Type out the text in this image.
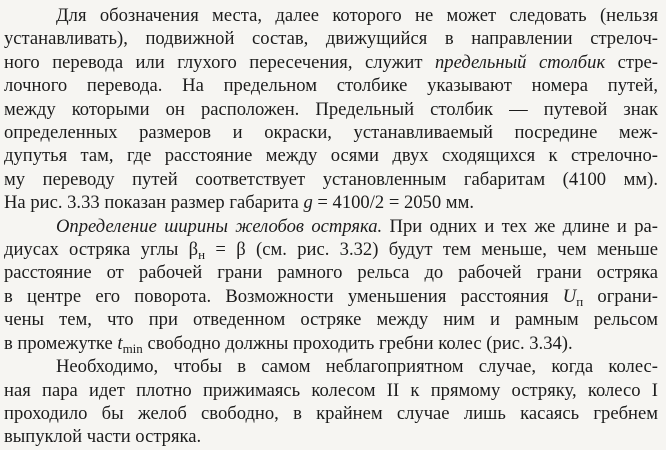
Для обозначения места, далее которого не может следовать (нельзя
устанавливать), подвижной состав, движущийся в направлении стрелоч-
ного перевода или глухого пересечения, служит предельный столбик стре-
лочного перевода. На предельном столбике указывают номера путей,
между которыми он расположен. Предельный столбик — путевой знак
определенных размеров и окраски, устанавливаемый посредине меж-
дупутья там, где расстояние между осями двух сходящихся к стрелочно-
му переводу путей соответствует установленным габаритам (4100 мм).
На рис. 3.33 показан размер габарита g = 4100/2 = 2050 мм.

Определение ширины желобов остряка. При одних и тех же длине и ра-
диусах остряка углы $\beta_н = \beta$ (см. рис. 3.32) будут тем меньше, чем меньше
расстояние от рабочей грани рамного рельса до рабочей грани остряка
в центре его поворота. Возможности уменьшения расстояния $U_п$ ограни-
чены тем, что при отведенном остряке между ним и рамным рельсом
в промежутке $t_{min}$ свободно должны проходить гребни колес (рис. 3.34).

Необходимо, чтобы в самом неблагоприятном случае, когда колес-
ная пара идет плотно прижимаясь колесом II к прямому остряку, колесо I
проходило бы желоб свободно, в крайнем случае лишь касаясь гребнем
выпуклой части остряка.
